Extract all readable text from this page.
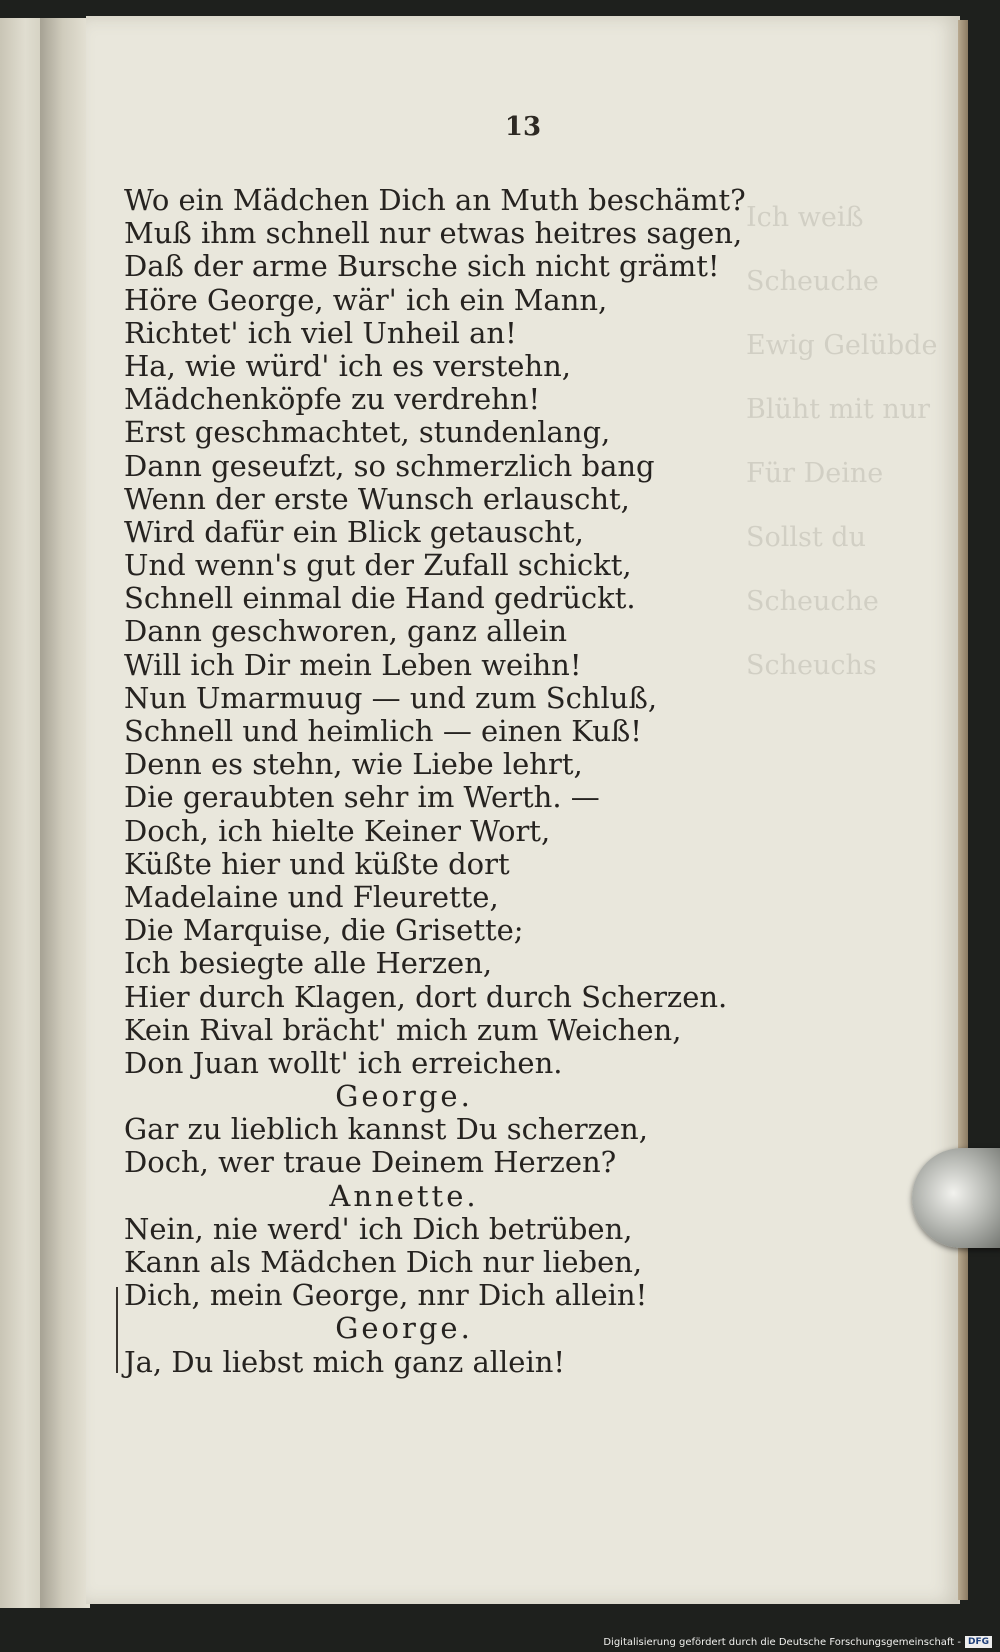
Ich weiß
Scheuche
Ewig Gelübde
Blüht mit nur
Für Deine
Sollst du
Scheuche
Scheuchs
13
Wo ein Mädchen Dich an Muth beschämt?
Muß ihm schnell nur etwas heitres sagen,
Daß der arme Bursche sich nicht grämt!
Höre George, wär' ich ein Mann,
Richtet' ich viel Unheil an!
Ha, wie würd' ich es verstehn,
Mädchenköpfe zu verdrehn!
Erst geschmachtet, stundenlang,
Dann geseufzt, so schmerzlich bang
Wenn der erste Wunsch erlauscht,
Wird dafür ein Blick getauscht,
Und wenn's gut der Zufall schickt,
Schnell einmal die Hand gedrückt.
Dann geschworen, ganz allein
Will ich Dir mein Leben weihn!
Nun Umarmuug — und zum Schluß,
Schnell und heimlich — einen Kuß!
Denn es stehn, wie Liebe lehrt,
Die geraubten sehr im Werth. —
Doch, ich hielte Keiner Wort,
Küßte hier und küßte dort
Madelaine und Fleurette,
Die Marquise, die Grisette;
Ich besiegte alle Herzen,
Hier durch Klagen, dort durch Scherzen.
Kein Rival brächt' mich zum Weichen,
Don Juan wollt' ich erreichen.
George.
Gar zu lieblich kannst Du scherzen,
Doch, wer traue Deinem Herzen?
Annette.
Nein, nie werd' ich Dich betrüben,
Kann als Mädchen Dich nur lieben,
Dich, mein George, nnr Dich allein!
George.
Ja, Du liebst mich ganz allein!
Digitalisierung gefördert durch die Deutsche Forschungsgemeinschaft - DFG
